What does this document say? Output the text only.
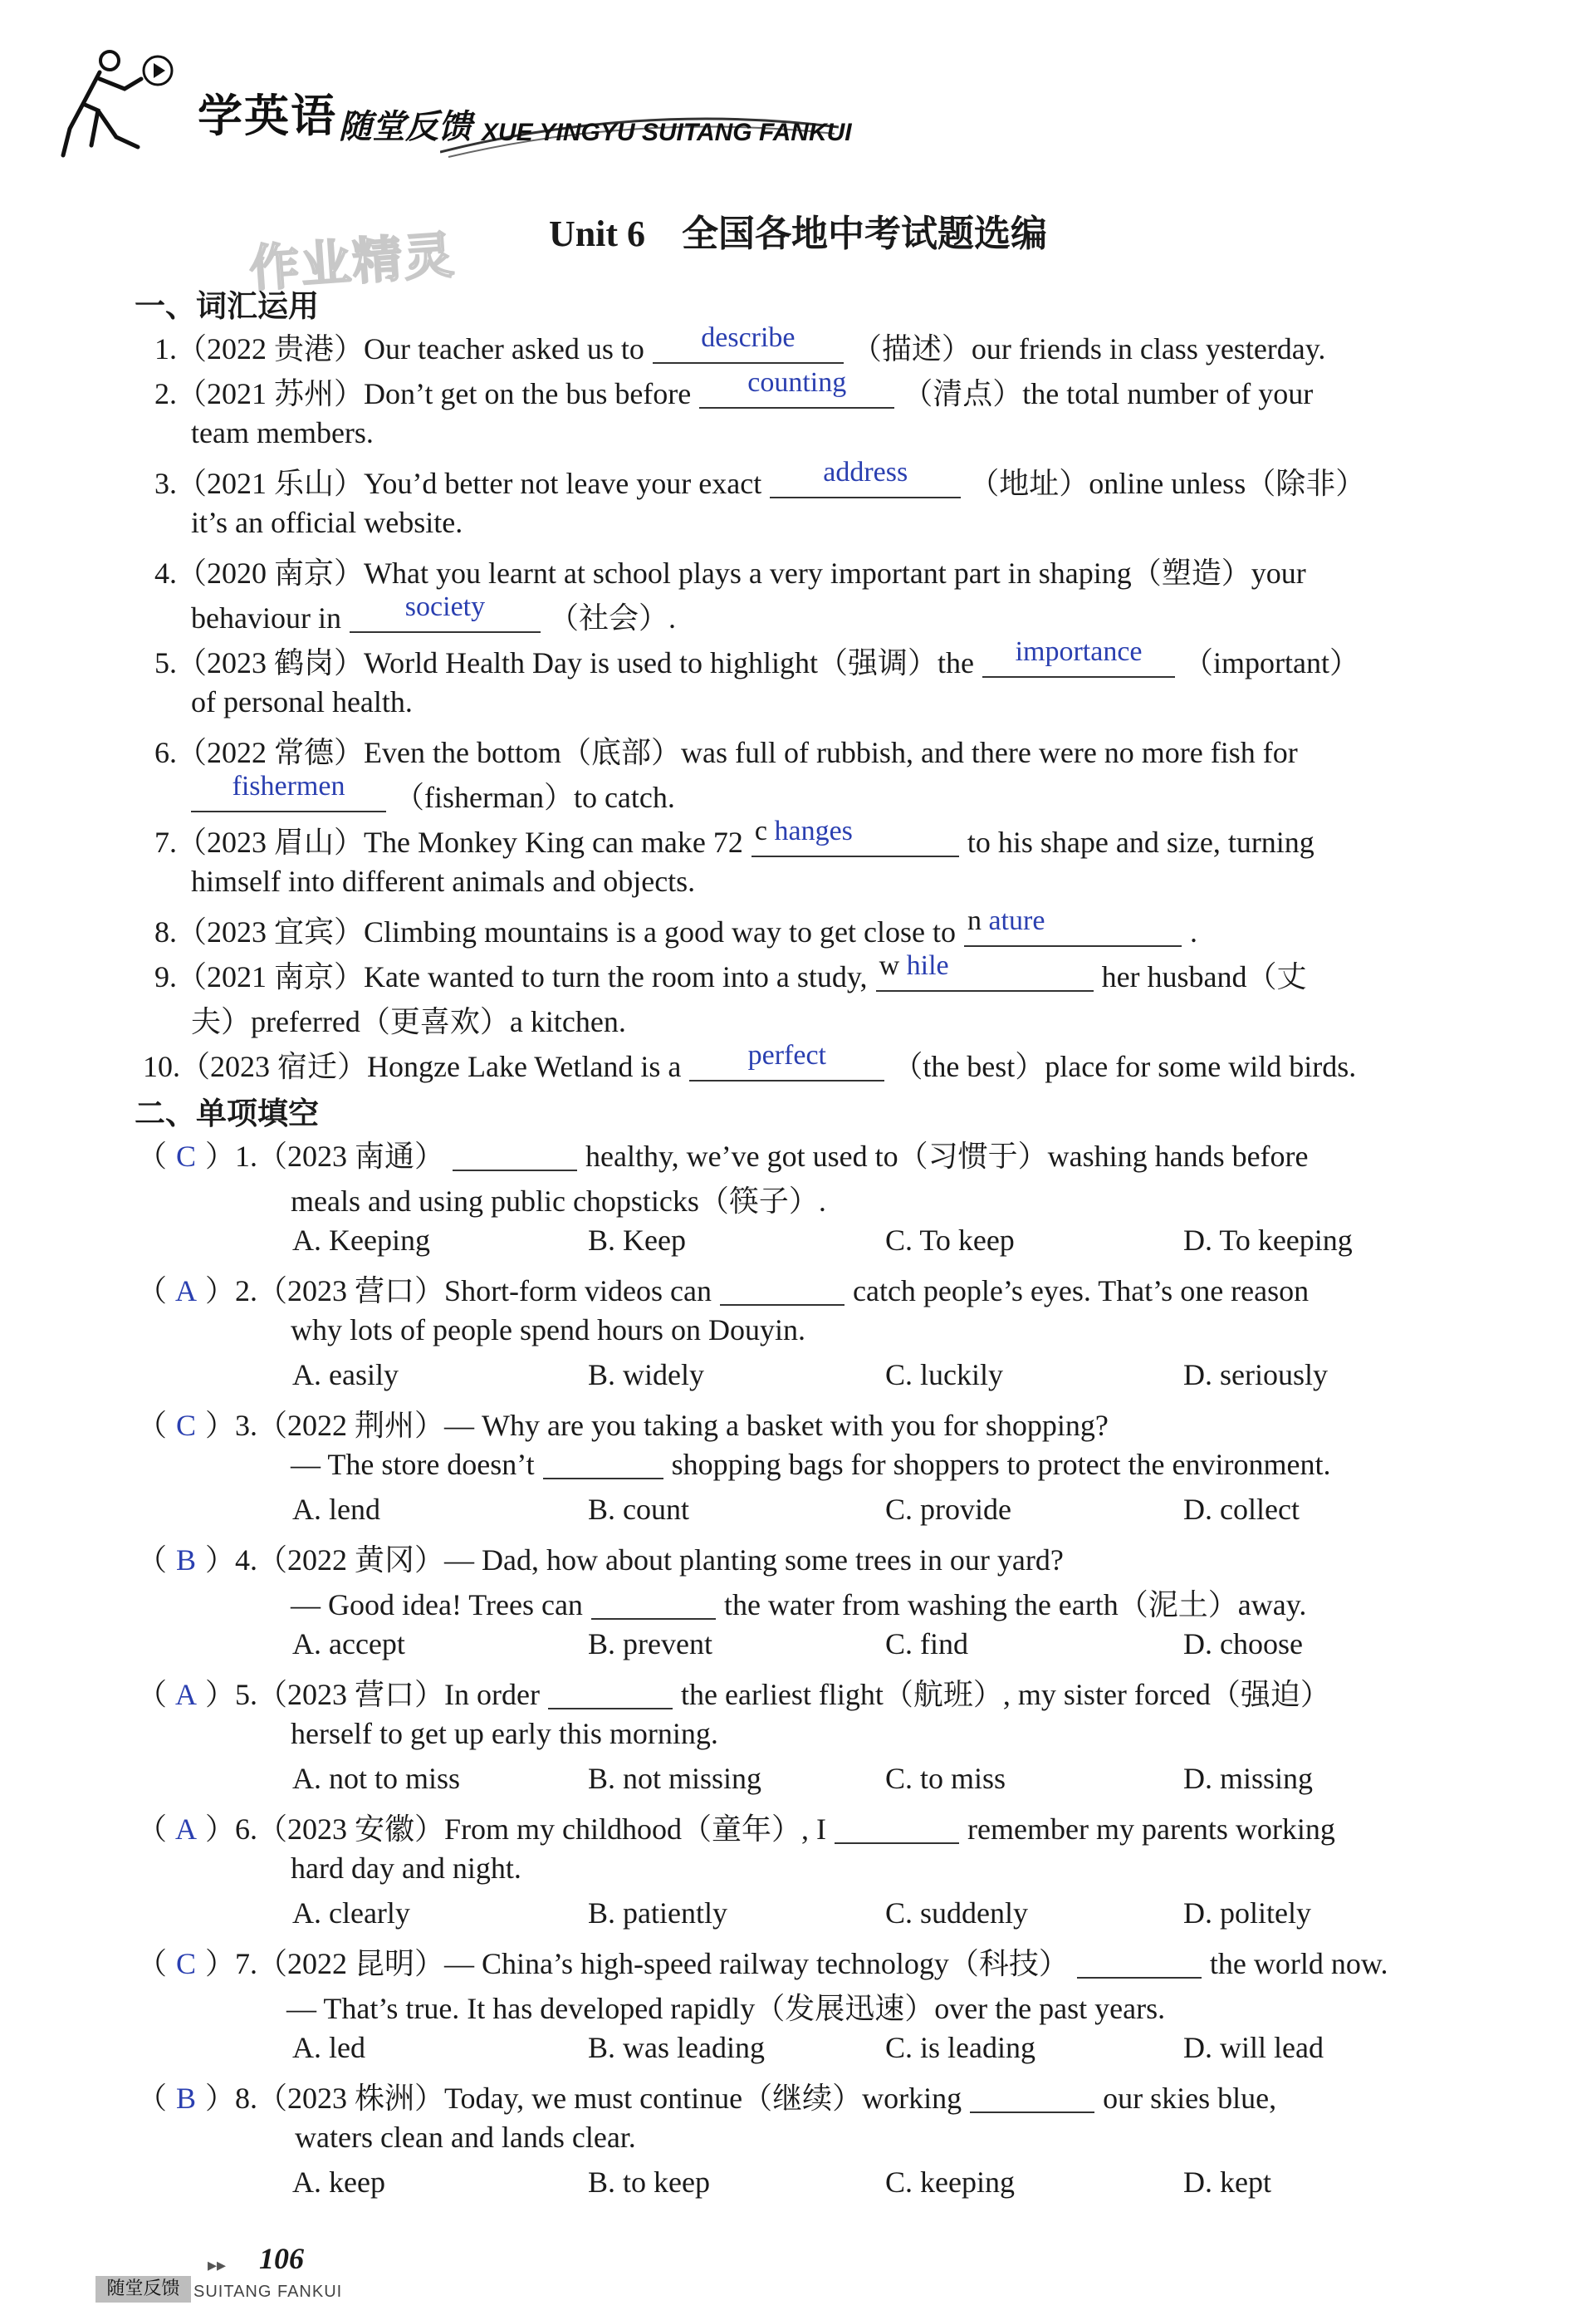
学英语 随堂反馈 XUE YINGYU SUITANG FANKUI
作业精灵	Unit 6　全国各地中考试题选编
一、词汇运用
1.（2022 贵港）Our teacher asked us to	describe	（描述）our friends in class yesterday.
2.（2021 苏州）Don’t get on the bus before	counting	（清点）the total number of your
team members.
3.（2021 乐山）You’d better not leave your exact	address	（地址）online unless（除非）
it’s an official website.
4.（2020 南京）What you learnt at school plays a very important part in shaping（塑造）your
behaviour in	society	（社会）.
5.（2023 鹤岗）World Health Day is used to highlight（强调）the	importance	（important）
of personal health.
6.（2022 常德）Even the bottom（底部）was full of rubbish, and there were no more fish for
fishermen	（fisherman）to catch.
7.（2023 眉山）The Monkey King can make 72 c hanges	to his shape and size, turning
himself into different animals and objects.
8.（2023 宜宾）Climbing mountains is a good way to get close to n ature	.
9.（2021 南京）Kate wanted to turn the room into a study, w hile	her husband（丈
夫）preferred（更喜欢）a kitchen.
10.（2023 宿迁）Hongze Lake Wetland is a	perfect	（the best）place for some wild birds.
二、单项填空
（ C ）1.（2023 南通）	healthy, we’ve got used to（习惯于）washing hands before
meals and using public chopsticks（筷子）.
A. Keeping	B. Keep	C. To keep	D. To keeping
（ A ）2.（2023 营口）Short-form videos can	catch people’s eyes. That’s one reason
why lots of people spend hours on Douyin.
A. easily	B. widely	C. luckily	D. seriously
（ C ）3.（2022 荆州）— Why are you taking a basket with you for shopping?
— The store doesn’t	shopping bags for shoppers to protect the environment.
A. lend	B. count	C. provide	D. collect
（ B ）4.（2022 黄冈）— Dad, how about planting some trees in our yard?
— Good idea! Trees can	the water from washing the earth（泥土）away.
A. accept	B. prevent	C. find	D. choose
（ A ）5.（2023 营口）In order	the earliest flight（航班）, my sister forced（强迫）
herself to get up early this morning.
A. not to miss	B. not missing	C. to miss	D. missing
（ A ）6.（2023 安徽）From my childhood（童年）, I	remember my parents working
hard day and night.
A. clearly	B. patiently	C. suddenly	D. politely
（ C ）7.（2022 昆明）— China’s high-speed railway technology（科技）	the world now.
— That’s true. It has developed rapidly（发展迅速）over the past years.
A. led	B. was leading	C. is leading	D. will lead
（ B ）8.（2023 株洲）Today, we must continue（继续）working	our skies blue,
waters clean and lands clear.
A. keep	B. to keep	C. keeping	D. kept
▸▸ 106
随堂反馈 SUITANG FANKUI
